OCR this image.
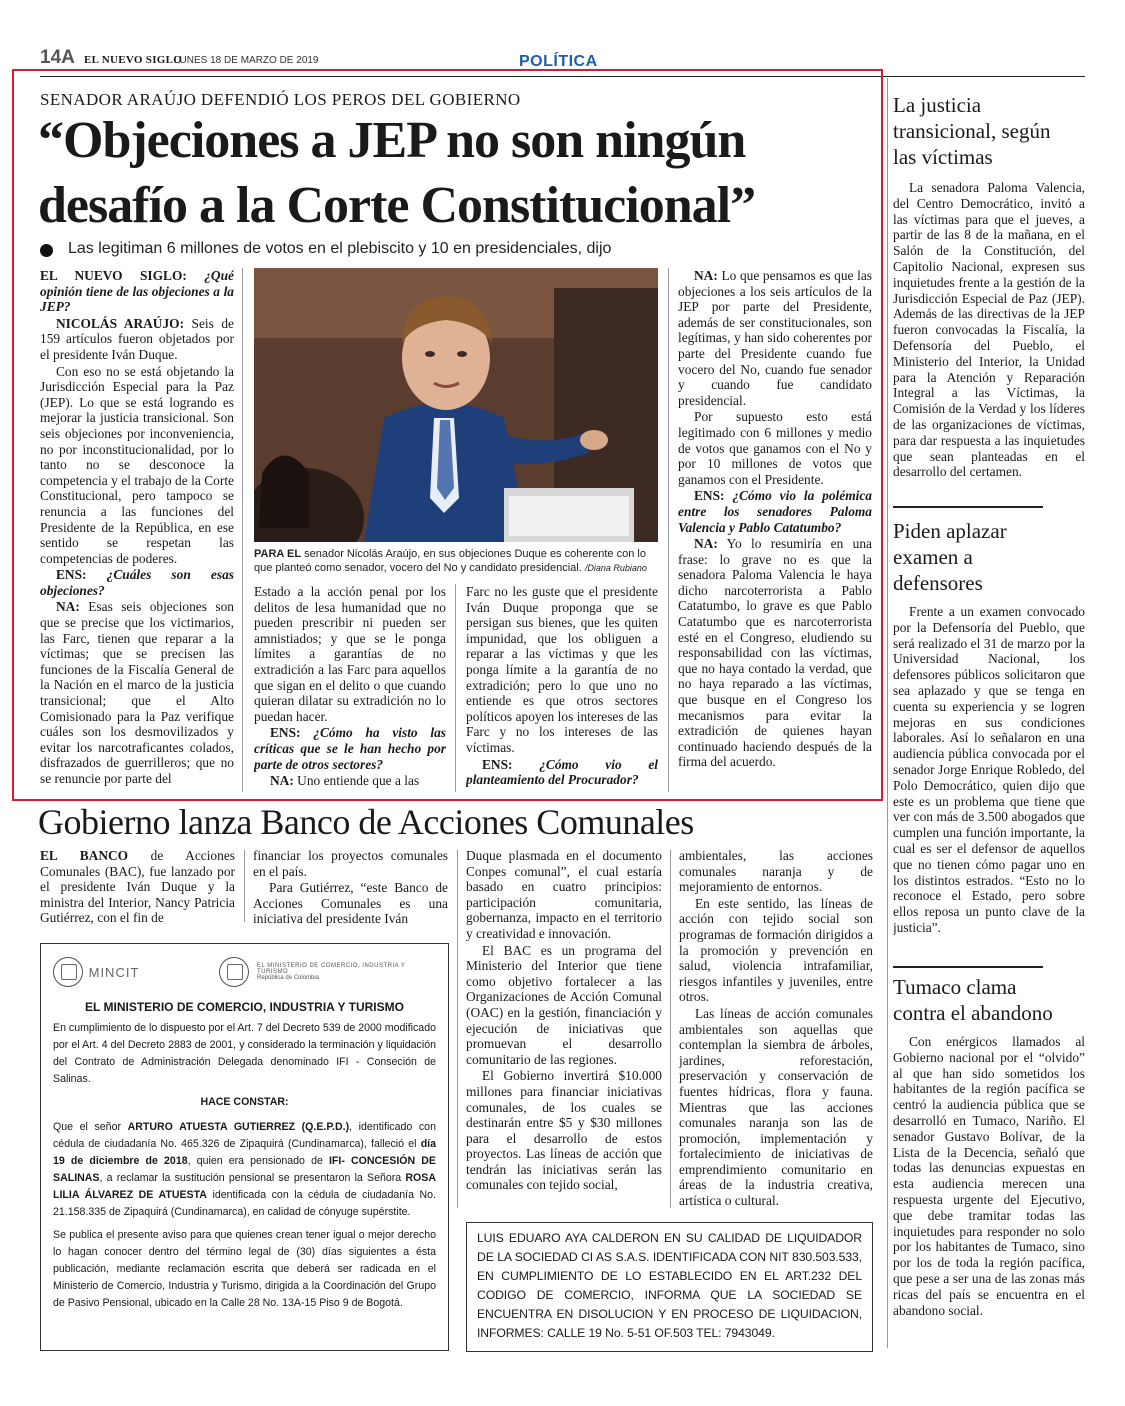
14A EL NUEVO SIGLO
LUNES 18 DE MARZO DE 2019	POLÍTICA
SENADOR ARAÚJO DEFENDIÓ LOS PEROS DEL GOBIERNO
“Objeciones a JEP no son ningún
desafío a la Corte Constitucional”
Las legitiman 6 millones de votos en el plebiscito y 10 en presidenciales, dijo

EL NUEVO SIGLO: ¿Qué opinión tiene de las objeciones a la JEP?

NICOLÁS ARAÚJO: Seis de 159 artículos fueron objetados por el presidente Iván Duque.

Con eso no se está objetando la Jurisdicción Especial para la Paz (JEP). Lo que se está logrando es mejorar la justicia transicional. Son seis objeciones por inconveniencia, no por inconstitucionalidad, por lo tanto no se desconoce la competencia y el trabajo de la Corte Constitucional, pero tampoco se renuncia a las funciones del Presidente de la República, en ese sentido se respetan las competencias de poderes.

ENS: ¿Cuáles son esas objeciones?

NA: Esas seis objeciones son que se precise que los victimarios, las Farc, tienen que reparar a la víctimas; que se precisen las funciones de la Fiscalía General de la Nación en el marco de la justicia transicional; que el Alto Comisionado para la Paz verifique cuáles son los desmovilizados y evitar los narcotraficantes colados, disfrazados de guerrilleros; que no se renuncie por parte del

PARA EL senador Nicolás Araújo, en sus objeciones Duque es coherente con lo que planteó como senador, vocero del No y candidato presidencial. /Diana Rubiano

Estado a la acción penal por los delitos de lesa humanidad que no pueden prescribir ni pueden ser amnistiados; y que se le ponga límites a garantías de no extradición a las Farc para aquellos que sigan en el delito o que cuando quieran dilatar su extradición no lo puedan hacer.

ENS: ¿Cómo ha visto las críticas que se le han hecho por parte de otros sectores?

NA: Uno entiende que a las

Farc no les guste que el presidente Iván Duque proponga que se persigan sus bienes, que les quiten impunidad, que los obliguen a reparar a las víctimas y que les ponga límite a la garantía de no extradición; pero lo que uno no entiende es que otros sectores políticos apoyen los intereses de las Farc y no los intereses de las víctimas.

ENS: ¿Cómo vio el planteamiento del Procurador?

NA: Lo que pensamos es que las objeciones a los seis artículos de la JEP por parte del Presidente, además de ser constitucionales, son legítimas, y han sido coherentes por parte del Presidente cuando fue vocero del No, cuando fue senador y cuando fue candidato presidencial.

Por supuesto esto está legitimado con 6 millones y medio de votos que ganamos con el No y por 10 millones de votos que ganamos con el Presidente.

ENS: ¿Cómo vio la polémica entre los senadores Paloma Valencia y Pablo Catatumbo?

NA: Yo lo resumiría en una frase: lo grave no es que la senadora Paloma Valencia le haya dicho narcoterrorista a Pablo Catatumbo, lo grave es que Pablo Catatumbo que es narcoterrorista esté en el Congreso, eludiendo su responsabilidad con las víctimas, que no haya contado la verdad, que no haya reparado a las víctimas, que busque en el Congreso los mecanismos para evitar la extradición de quienes hayan continuado haciendo después de la firma del acuerdo.

Gobierno lanza Banco de Acciones Comunales

EL BANCO de Acciones Comunales (BAC), fue lanzado por el presidente Iván Duque y la ministra del Interior, Nancy Patricia Gutiérrez, con el fin de

financiar los proyectos comunales en el país.

Para Gutiérrez, “este Banco de Acciones Comunales es una iniciativa del presidente Iván

Duque plasmada en el documento Conpes comunal”, el cual estaría basado en cuatro principios: participación comunitaria, gobernanza, impacto en el territorio y creatividad e innovación.

El BAC es un programa del Ministerio del Interior que tiene como objetivo fortalecer a las Organizaciones de Acción Comunal (OAC) en la gestión, financiación y ejecución de iniciativas que promuevan el desarrollo comunitario de las regiones.

El Gobierno invertirá $10.000 millones para financiar iniciativas comunales, de los cuales se destinarán entre $5 y $30 millones para el desarrollo de estos proyectos. Las líneas de acción que tendrán las iniciativas serán las comunales con tejido social,

ambientales, las acciones comunales naranja y de mejoramiento de entornos.

En este sentido, las líneas de acción con tejido social son programas de formación dirigidos a la promoción y prevención en salud, violencia intrafamiliar, riesgos infantiles y juveniles, entre otros.

Las líneas de acción comunales ambientales son aquellas que contemplan la siembra de árboles, jardines, reforestación, preservación y conservación de fuentes hídricas, flora y fauna. Mientras que las acciones comunales naranja son las de promoción, implementación y fortalecimiento de iniciativas de emprendimiento comunitario en áreas de la industria creativa, artística o cultural.

MINCIT	EL MINISTERIO DE COMERCIO, INDUSTRIA Y TURISMO
República de Colombia
EL MINISTERIO DE COMERCIO, INDUSTRIA Y TURISMO

En cumplimiento de lo dispuesto por el Art. 7 del Decreto 539 de 2000 modificado por el Art. 4 del Decreto 2883 de 2001, y considerado la terminación y liquidación del Contrato de Administración Delegada denominado IFI - Conseción de Salinas.

HACE CONSTAR:

Que el señor ARTURO ATUESTA GUTIERREZ (Q.E.P.D.), identificado con cédula de ciudadanía No. 465.326 de Zipaquirá (Cundinamarca), falleció el día 19 de diciembre de 2018, quien era pensionado de IFI- CONCESIÓN DE SALINAS, a reclamar la sustitución pensional se presentaron la Señora ROSA LILIA ÁLVAREZ DE ATUESTA identificada con la cédula de ciudadanía No. 21.158.335 de Zipaquirá (Cundinamarca), en calidad de cónyuge supérstite.

Se publica el presente aviso para que quienes crean tener igual o mejor derecho lo hagan conocer dentro del término legal de (30) días siguientes a ésta publicación, mediante reclamación escrita que deberá ser radicada en el Ministerio de Comercio, Industria y Turismo, dirigida a la Coordinación del Grupo de Pasivo Pensional, ubicado en la Calle 28 No. 13A-15 Piso 9 de Bogotá.

LUIS EDUARO AYA CALDERON EN SU CALIDAD DE LIQUIDADOR DE LA SOCIEDAD CI AS S.A.S. IDENTIFICADA CON NIT 830.503.533, EN CUMPLIMIENTO DE LO ESTABLECIDO EN EL ART.232 DEL CODIGO DE COMERCIO, INFORMA QUE LA SOCIEDAD SE ENCUENTRA EN DISOLUCION Y EN PROCESO DE LIQUIDACION, INFORMES: CALLE 19 No. 5-51 OF.503 TEL: 7943049.
La justicia transicional, según las víctimas

La senadora Paloma Valencia, del Centro Democrático, invitó a las víctimas para que el jueves, a partir de las 8 de la mañana, en el Salón de la Constitución, del Capitolio Nacional, expresen sus inquietudes frente a la gestión de la Jurisdicción Especial de Paz (JEP). Además de las directivas de la JEP fueron convocadas la Fiscalía, la Defensoría del Pueblo, el Ministerio del Interior, la Unidad para la Atención y Reparación Integral a las Víctimas, la Comisión de la Verdad y los líderes de las organizaciones de víctimas, para dar respuesta a las inquietudes que sean planteadas en el desarrollo del certamen.

Piden aplazar examen a defensores

Frente a un examen convocado por la Defensoría del Pueblo, que será realizado el 31 de marzo por la Universidad Nacional, los defensores públicos solicitaron que sea aplazado y que se tenga en cuenta su experiencia y se logren mejoras en sus condiciones laborales. Así lo señalaron en una audiencia pública convocada por el senador Jorge Enrique Robledo, del Polo Democrático, quien dijo que este es un problema que tiene que ver con más de 3.500 abogados que cumplen una función importante, la cual es ser el defensor de aquellos que no tienen cómo pagar uno en los distintos estrados. “Esto no lo reconoce el Estado, pero sobre ellos reposa un punto clave de la justicia”.

Tumaco clama contra el abandono

Con enérgicos llamados al Gobierno nacional por el “olvido” al que han sido sometidos los habitantes de la región pacífica se centró la audiencia pública que se desarrolló en Tumaco, Nariño. El senador Gustavo Bolívar, de la Lista de la Decencia, señaló que todas las denuncias expuestas en esta audiencia merecen una respuesta urgente del Ejecutivo, que debe tramitar todas las inquietudes para responder no solo por los habitantes de Tumaco, sino por los de toda la región pacífica, que pese a ser una de las zonas más ricas del país se encuentra en el abandono social.
